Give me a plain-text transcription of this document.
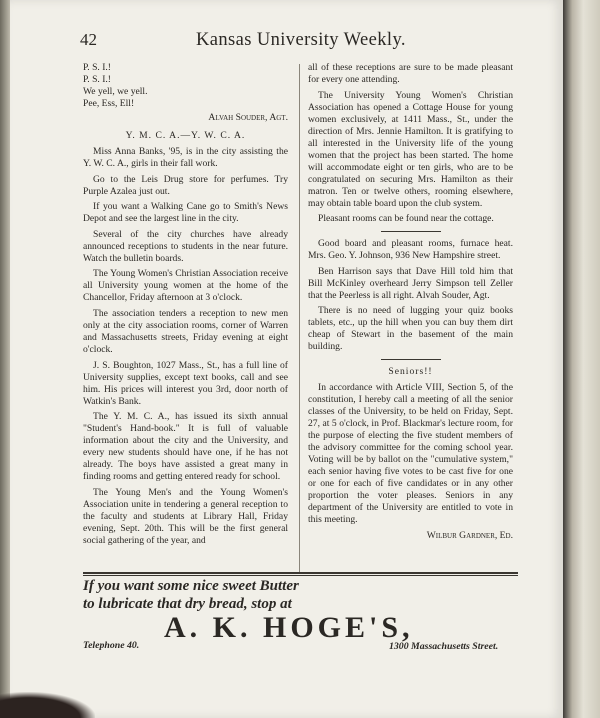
42	Kansas University Weekly.

P. S. I.!

P. S. I.!

We yell, we yell.

Pee, Ess, Ell!

Alvah Souder, Agt.
Y. M. C. A.—Y. W. C. A.

Miss Anna Banks, '95, is in the city assisting the Y. W. C. A., girls in their fall work.

Go to the Leis Drug store for perfumes. Try Purple Azalea just out.

If you want a Walking Cane go to Smith's News Depot and see the largest line in the city.

Several of the city churches have already announced receptions to students in the near future. Watch the bulletin boards.

The Young Women's Christian Association receive all University young women at the home of the Chancellor, Friday afternoon at 3 o'clock.

The association tenders a reception to new men only at the city association rooms, corner of Warren and Massachusetts streets, Friday evening at eight o'clock.

J. S. Boughton, 1027 Mass., St., has a full line of University supplies, except text books, call and see him. His prices will interest you 3rd, door north of Watkin's Bank.

The Y. M. C. A., has issued its sixth annual "Student's Hand-book." It is full of valuable information about the city and the University, and every new students should have one, if he has not already. The boys have assisted a great many in finding rooms and getting entered ready for school.

The Young Men's and the Young Women's Association unite in tendering a general reception to the faculty and students at Library Hall, Friday evening, Sept. 20th. This will be the first general social gathering of the year, and

all of these receptions are sure to be made pleasant for every one attending.

The University Young Women's Christian Association has opened a Cottage House for young women exclusively, at 1411 Mass., St., under the direction of Mrs. Jennie Hamilton. It is gratifying to all interested in the University life of the young women that the project has been started. The home will accommodate eight or ten girls, who are to be congratulated on securing Mrs. Hamilton as their matron. Ten or twelve others, rooming elsewhere, may obtain table board upon the club system.

Pleasant rooms can be found near the cottage.

Good board and pleasant rooms, furnace heat. Mrs. Geo. Y. Johnson, 936 New Hampshire street.

Ben Harrison says that Dave Hill told him that Bill McKinley overheard Jerry Simpson tell Zeller that the Peerless is all right. Alvah Souder, Agt.

There is no need of lugging your quiz books tablets, etc., up the hill when you can buy them dirt cheap of Stewart in the basement of the main building.

Seniors!!

In accordance with Article VIII, Section 5, of the constitution, I hereby call a meeting of all the senior classes of the University, to be held on Friday, Sept. 27, at 5 o'clock, in Prof. Blackmar's lecture room, for the purpose of electing the five student members of the advisory committee for the coming school year. Voting will be by ballot on the "cumulative system," each senior having five votes to be cast five for one or one for each of five candidates or in any other proportion the voter pleases. Seniors in any department of the University are entitled to vote in this meeting.

Wilbur Gardner, Ed.
If you want some nice sweet Butter
to lubricate that dry bread, stop at
A. K. HOGE'S,
Telephone 40.	1300 Massachusetts Street.
